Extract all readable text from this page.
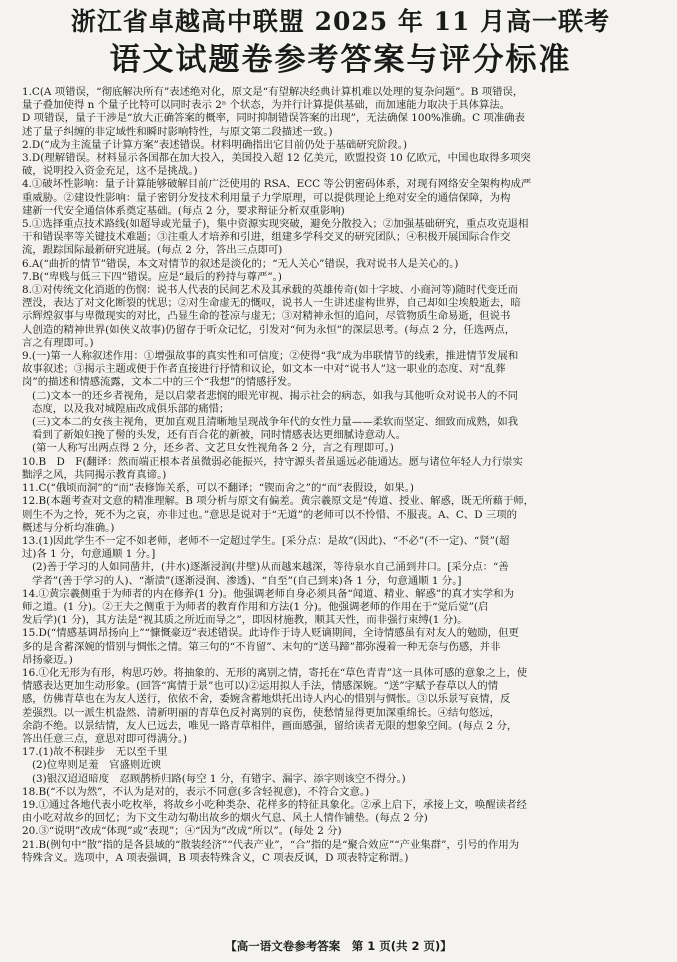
浙江省卓越高中联盟 2025 年 11 月高一联考
语文试题卷参考答案与评分标准
1.C(A 项错误，“彻底解决所有”表述绝对化，原文是“有望解决经典计算机难以处理的复杂问题”。B 项错误，
量子叠加使得 n 个量子比特可以同时表示 2ⁿ 个状态，为并行计算提供基础，而加速能力取决于具体算法。
D 项错误，量子干涉是“放大正确答案的概率，同时抑制错误答案的出现”，无法确保 100%准确。C 项准确表
述了量子纠缠的非定域性和瞬时影响特性，与原文第二段描述一致。)
2.D(“成为主流量子计算方案”表述错误。材料明确指出它目前仍处于基础研究阶段。)
3.D(理解错误。材料显示各国都在加大投入，美国投入超 12 亿美元，欧盟投资 10 亿欧元，中国也取得多项突
破，说明投入资金充足，这不是挑战。)
4.①破坏性影响：量子计算能够破解目前广泛使用的 RSA、ECC 等公钥密码体系，对现有网络安全架构构成严
重威胁。②建设性影响：量子密钥分发技术利用量子力学原理，可以提供理论上绝对安全的通信保障，为构
建新一代安全通信体系奠定基础。(每点 2 分，要求辩证分析双重影响)
5.①选择重点技术路线(如超导或光量子)，集中资源实现突破，避免分散投入；②加强基础研究，重点攻克退相
干和错误率等关键技术难题；③注重人才培养和引进，组建多学科交叉的研究团队；④积极开展国际合作交
流，跟踪国际最新研究进展。(每点 2 分，答出三点即可)
6.A(“曲折的情节”错误，本文对情节的叙述是淡化的；“无人关心”错误，我对说书人是关心的。)
7.B(“卑贱与低三下四”错误。应是“最后的矜持与尊严”。)
8.①对传统文化消逝的伤悯：说书人代表的民间艺术及其承载的英雄传奇(如十字坡、小商河等)随时代变迁而
湮没，表达了对文化断裂的忧思；②对生命虚无的慨叹，说书人一生讲述虚构世界，自己却如尘埃般逝去，暗
示辉煌叙事与卑微现实的对比，凸显生命的苍凉与虚无；③对精神永恒的追问，尽管物质生命易逝，但说书
人创造的精神世界(如侠义故事)仍留存于听众记忆，引发对“何为永恒”的深层思考。(每点 2 分，任选两点，
言之有理即可。)
9.(一)第一人称叙述作用：①增强故事的真实性和可信度；②使得“我”成为串联情节的线索，推进情节发展和
故事叙述；③揭示主题或便于作者直接进行抒情和议论，如文本一中对“说书人”这一职业的态度、对“乱葬
岗”的描述和情感流露，文本二中的三个“我想”的情感抒发。
(二)文本一的还乡者视角，是以启蒙者悲悯的眼光审视、揭示社会的病态，如我与其他听众对说书人的不同
态度，以及我对城隍庙改成俱乐部的痛惜；
(三)文本二的女孩主视角，更加直观且清晰地呈现战争年代的女性力量——柔软而坚定、细致而成熟，如我
看到了新娘妇挽了髻的头发，还有百合花的新被，同时情感表达更细腻诗意动人。
(第一人称写出两点得 2 分，还乡者、文艺旦女性视角各 2 分，言之有理即可。)
10.B　D　F(翻译：然而端正根本者虽微弱必能振兴，持守源头者虽遥远必能通达。愿与诸位年轻人力行崇实
黜浮之风，共同揭示教育真谛。)
11.C(“俄顷而洞”的“而”表修饰关系，可以不翻译；“锲而舍之”的“而”表假设，如果。)
12.B(本题考查对文意的精准理解。B 项分析与原文有偏差。黄宗羲原文是“传道、授业、解惑，既无所藉于师，
则生不为之怜，死不为之哀，亦非过也。”意思是说对于“无道”的老师可以不怜惜、不服丧。A、C、D 三项的
概述与分析均准确。)
13.(1)因此学生不一定不如老师，老师不一定超过学生。[采分点：是故”(因此)、“不必”(不一定)、“贤”(超
过)各 1 分，句意通顺 1 分。]
(2)善于学习的人如同凿井，(井水)逐渐浸润(井壁)从而越来越深，等待泉水自己涌到井口。[采分点：“善
学者”(善于学习的人)、“渐渍”(逐渐浸润、渗透)、“自至”(自己到来)各 1 分，句意通顺 1 分。]
14.①黄宗羲侧重于为师者的内在修养(1 分)。他强调老师自身必须具备“闻道、精业、解惑”的真才实学和为
师之道。(1 分)。②王夫之侧重于为师者的教育作用和方法(1 分)。他强调老师的作用在于“觉后觉”(启
发后学)(1 分)，其方法是“视其质之所近而导之”，即因材施教，顺其天性，而非强行束缚(1 分)。
15.D(“情感基调昂扬向上”“慷慨豪迈”表述错误。此诗作于诗人贬谪期间，全诗情感虽有对友人的勉励，但更
多的是含蓄深婉的惜别与惆怅之情。第三句的“不肯留”、末句的“送马蹄”都弥漫着一种无奈与伤感，并非
昂扬豪迈。)
16.①化无形为有形，构思巧妙。将抽象的、无形的离别之情，寄托在“草色青青”这一具体可感的意象之上，使
情感表达更加生动形象。(回答“寓情于景”也可以)②运用拟人手法，情感深婉。“送”字赋予春草以人的情
感，仿佛青草也在为友人送行，依依不舍，委婉含蓄地烘托出诗人内心的惜别与惆怅。③以乐景写哀情，反
差强烈。以一派生机盎然、清新明丽的青草色反衬离别的哀伤，使愁情显得更加深重绵长。④结句悠远，
余韵不绝。以景结情，友人已远去，唯见一路青草相伴，画面感强，留给读者无限的想象空间。(每点 2 分，
答出任意三点，意思对即可得满分。)
17.(1)故不积跬步　无以至千里
(2)位卑则足羞　官盛则近谀
(3)银汉迢迢暗度　忍顾鹊桥归路(每空 1 分，有错字、漏字、添字则该空不得分。)
18.B(“不以为然”，不认为是对的，表示不同意(多含轻视意)，不符合文意。)
19.①通过各地代表小吃枚举，将故乡小吃种类杂、花样多的特征具象化。②承上启下，承接上文，唤醒读者经
由小吃对故乡的回忆；为下文生动勾勒出故乡的烟火气息、风土人情作铺垫。(每点 2 分)
20.③“说明”改成“体现”或“表现”；④“因为”改成“所以”。(每处 2 分)
21.B(例句中“散”指的是各县域的“散装经济”“代表产业”，“合”指的是“聚合效应”“产业集群”，引号的作用为
特殊含义。选项中，A 项表强调，B 项表特殊含义，C 项表反讽，D 项表特定称谓。)
【高一语文卷参考答案　第 1 页(共 2 页)】
